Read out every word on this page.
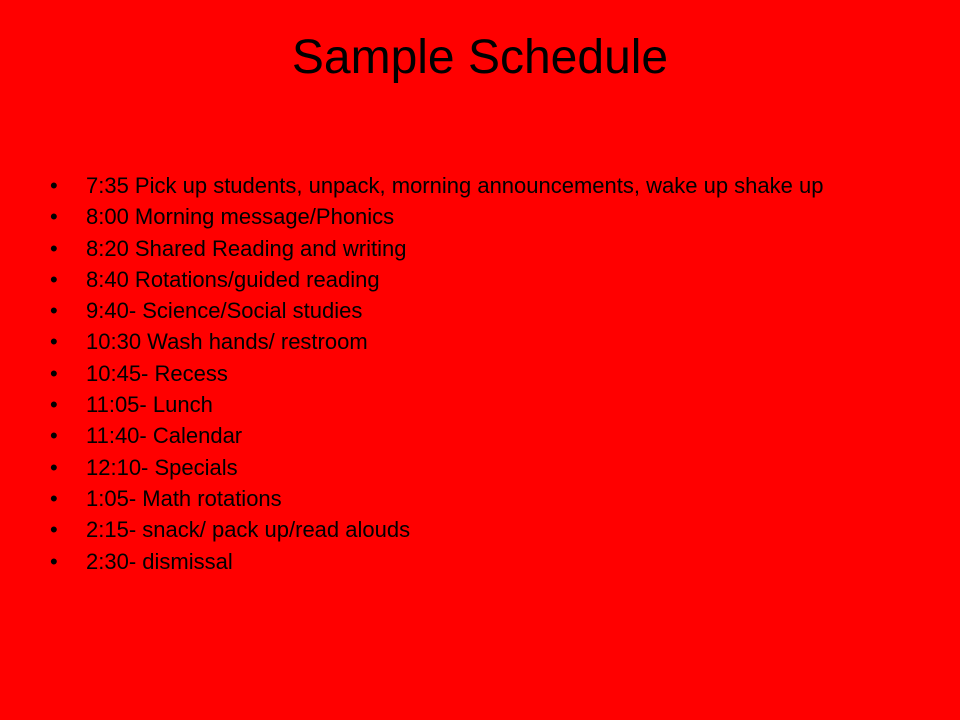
Sample Schedule
•	7:35 Pick up students, unpack, morning announcements, wake up shake up
•	8:00 Morning message/Phonics
•	8:20 Shared Reading and writing
•	8:40 Rotations/guided reading
•	9:40- Science/Social studies
•	10:30 Wash hands/ restroom
•	10:45- Recess
•	11:05- Lunch
•	11:40- Calendar
•	12:10- Specials
•	1:05- Math rotations
•	2:15- snack/ pack up/read alouds
•	2:30- dismissal
